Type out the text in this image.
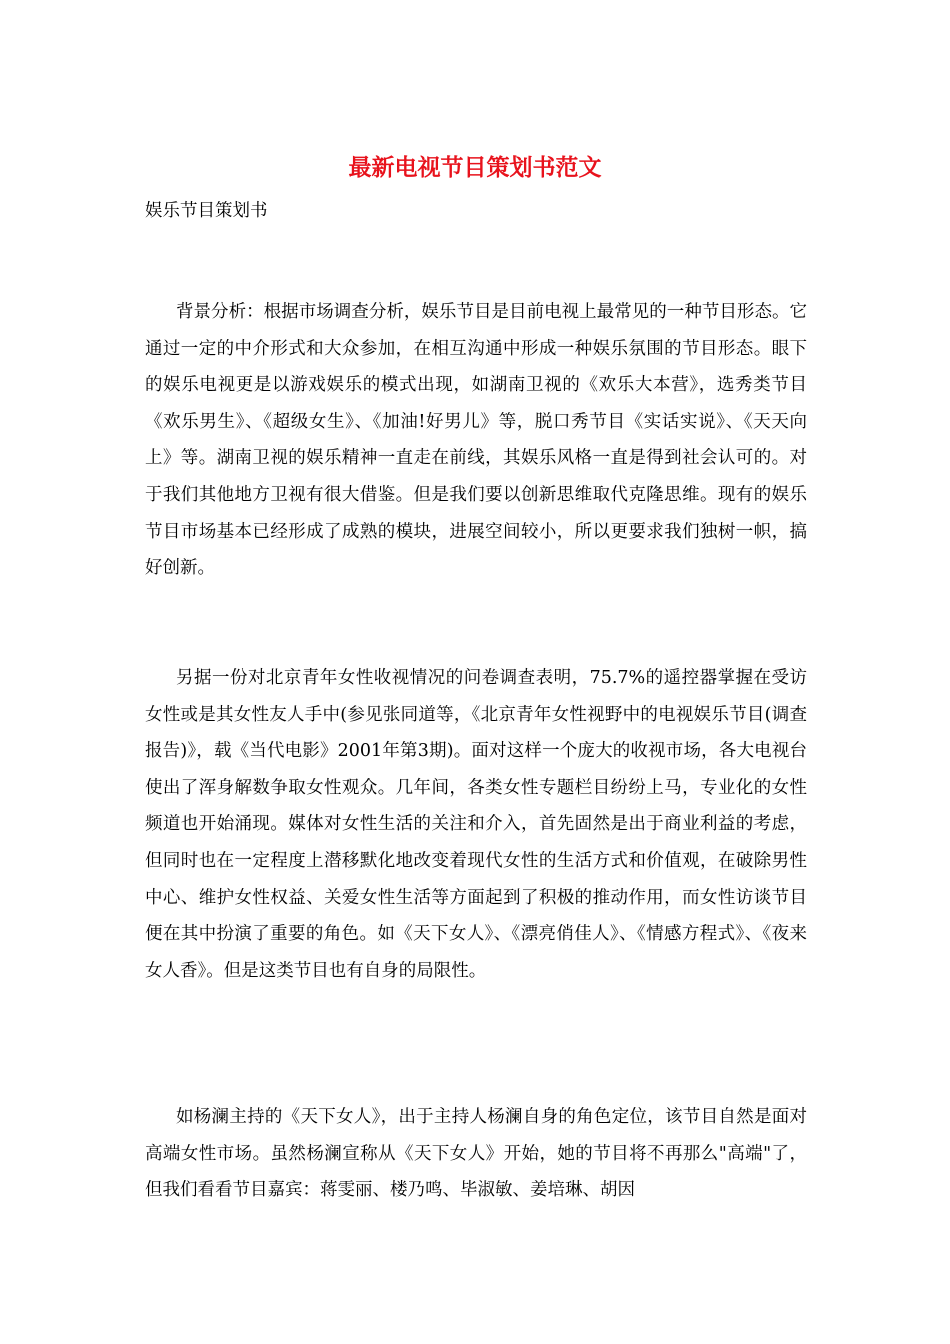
最新电视节目策划书范文

娱乐节目策划书

背景分析：根据市场调查分析，娱乐节目是目前电视上最常见的一种节目形态。它通过一定的中介形式和大众参加，在相互沟通中形成一种娱乐氛围的节目形态。眼下的娱乐电视更是以游戏娱乐的模式出现，如湖南卫视的《欢乐大本营》，选秀类节目《欢乐男生》、《超级女生》、《加油!好男儿》等，脱口秀节目《实话实说》、《天天向上》等。湖南卫视的娱乐精神一直走在前线，其娱乐风格一直是得到社会认可的。对于我们其他地方卫视有很大借鉴。但是我们要以创新思维取代克隆思维。现有的娱乐节目市场基本已经形成了成熟的模块，进展空间较小，所以更要求我们独树一帜，搞好创新。

另据一份对北京青年女性收视情况的问卷调查表明，75.7%的遥控器掌握在受访女性或是其女性友人手中(参见张同道等，《北京青年女性视野中的电视娱乐节目(调查报告)》，载《当代电影》2001年第3期)。面对这样一个庞大的收视市场，各大电视台使出了浑身解数争取女性观众。几年间，各类女性专题栏目纷纷上马，专业化的女性频道也开始涌现。媒体对女性生活的关注和介入，首先固然是出于商业利益的考虑，但同时也在一定程度上潜移默化地改变着现代女性的生活方式和价值观，在破除男性中心、维护女性权益、关爱女性生活等方面起到了积极的推动作用，而女性访谈节目便在其中扮演了重要的角色。如《天下女人》、《漂亮俏佳人》、《情感方程式》、《夜来女人香》。但是这类节目也有自身的局限性。

如杨澜主持的《天下女人》，出于主持人杨澜自身的角色定位，该节目自然是面对高端女性市场。虽然杨澜宣称从《天下女人》开始，她的节目将不再那么"高端"了，但我们看看节目嘉宾：蒋雯丽、楼乃鸣、毕淑敏、姜培琳、胡因
